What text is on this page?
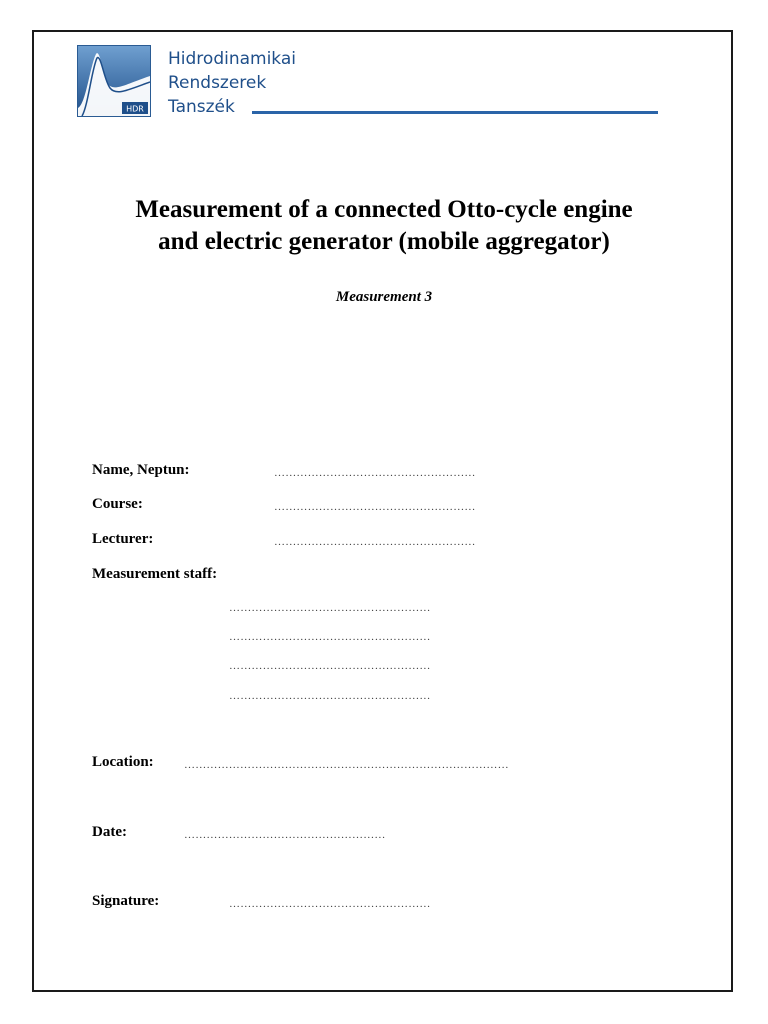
HDR
Hidrodinamikai
Rendszerek
Tanszék
Measurement of a connected Otto-cycle engine
and electric generator (mobile aggregator)
Measurement 3
Name, Neptun:	………………………………………………
Course:	………………………………………………
Lecturer:	………………………………………………
Measurement staff:
………………………………………………
………………………………………………
………………………………………………
………………………………………………
Location:	……………………………………………………………………………
Date:	………………………………………………
Signature:	………………………………………………
